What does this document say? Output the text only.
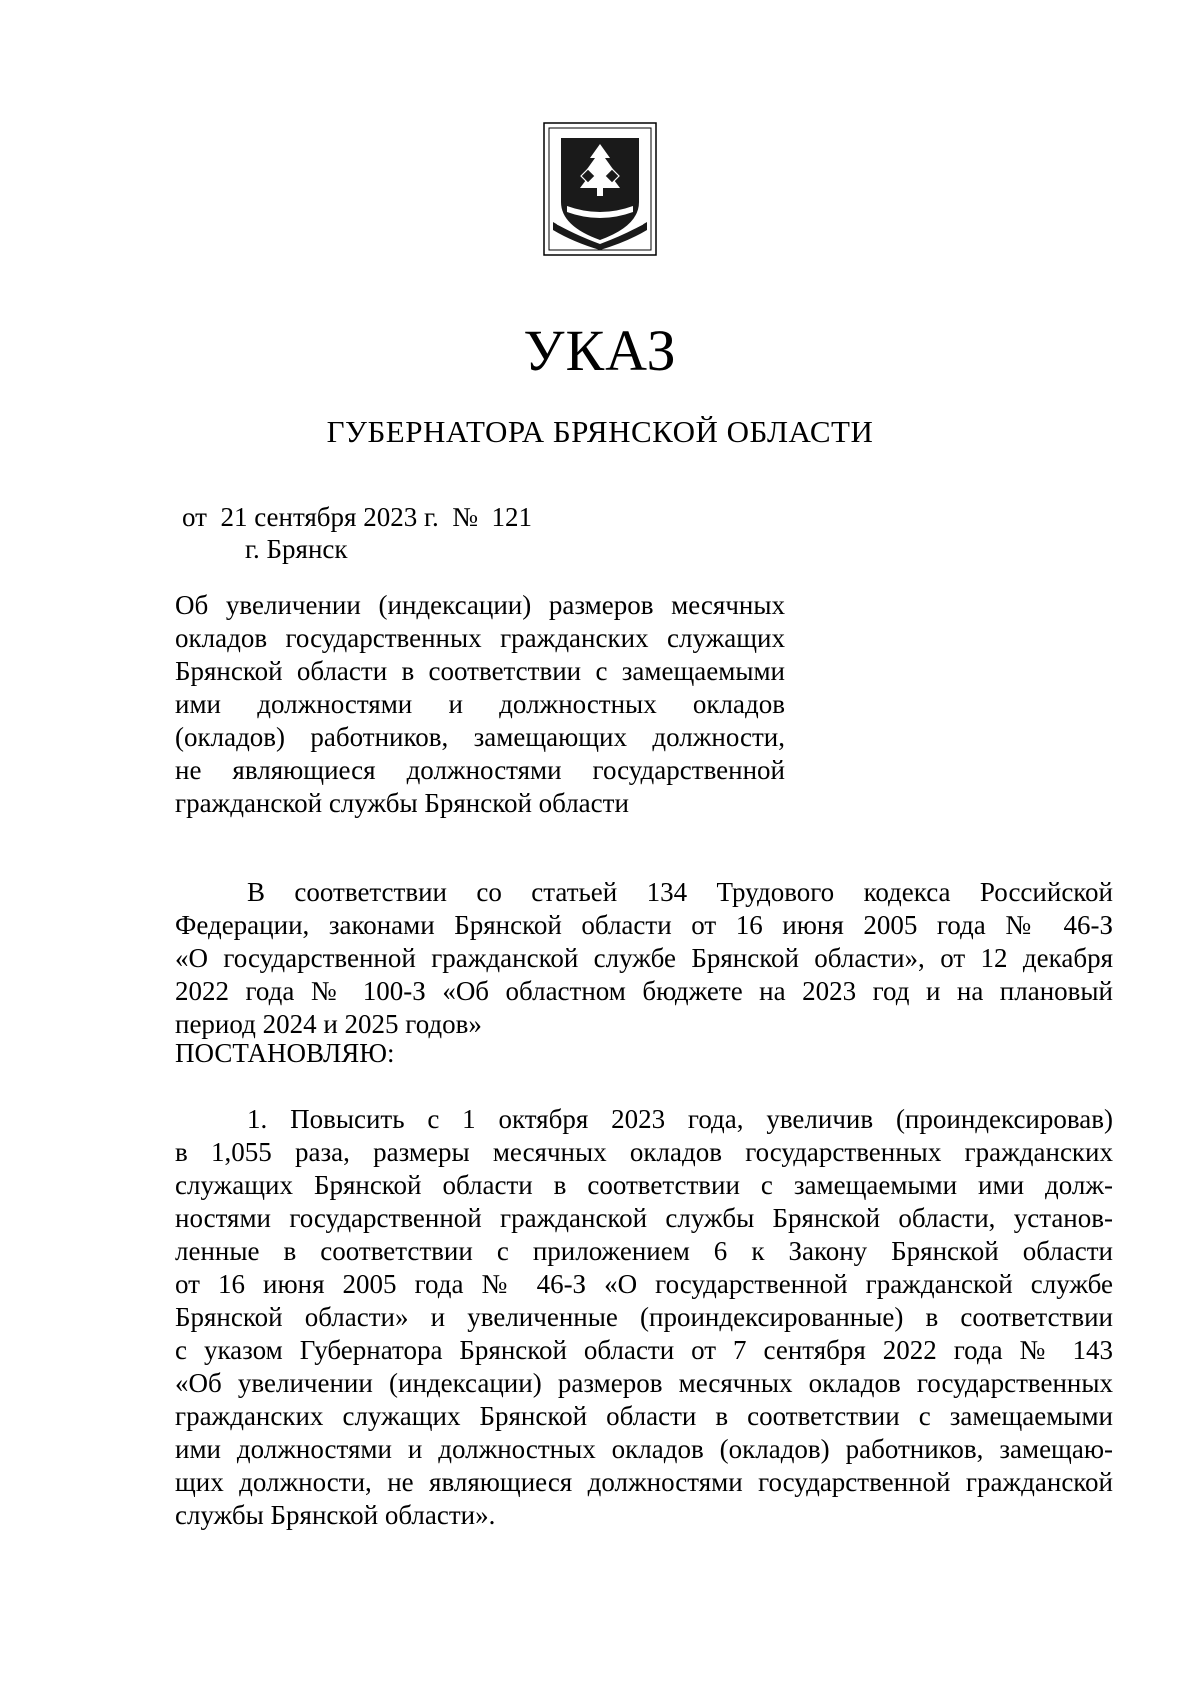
УКАЗ
ГУБЕРНАТОРА БРЯНСКОЙ ОБЛАСТИ
от  21 сентября 2023 г.  №  121
г. Брянск
Об увеличении (индексации) размеров месячных
окладов государственных гражданских служащих
Брянской области в соответствии с замещаемыми
ими должностями и должностных окладов
(окладов) работников, замещающих должности,
не являющиеся должностями государственной
гражданской службы Брянской области
В соответствии со статьей 134 Трудового кодекса Российской
Федерации, законами Брянской области от 16 июня 2005 года № 46-З
«О государственной гражданской службе Брянской области», от 12 декабря
2022 года № 100-З «Об областном бюджете на 2023 год и на плановый
период 2024 и 2025 годов»
ПОСТАНОВЛЯЮ:
1. Повысить с 1 октября 2023 года, увеличив (проиндексировав)
в 1,055 раза, размеры месячных окладов государственных гражданских
служащих Брянской области в соответствии с замещаемыми ими долж-
ностями государственной гражданской службы Брянской области, установ-
ленные в соответствии с приложением 6 к Закону Брянской области
от 16 июня 2005 года № 46-З «О государственной гражданской службе
Брянской области» и увеличенные (проиндексированные) в соответствии
с указом Губернатора Брянской области от 7 сентября 2022 года № 143
«Об увеличении (индексации) размеров месячных окладов государственных
гражданских служащих Брянской области в соответствии с замещаемыми
ими должностями и должностных окладов (окладов) работников, замещаю-
щих должности, не являющиеся должностями государственной гражданской
службы Брянской области».
